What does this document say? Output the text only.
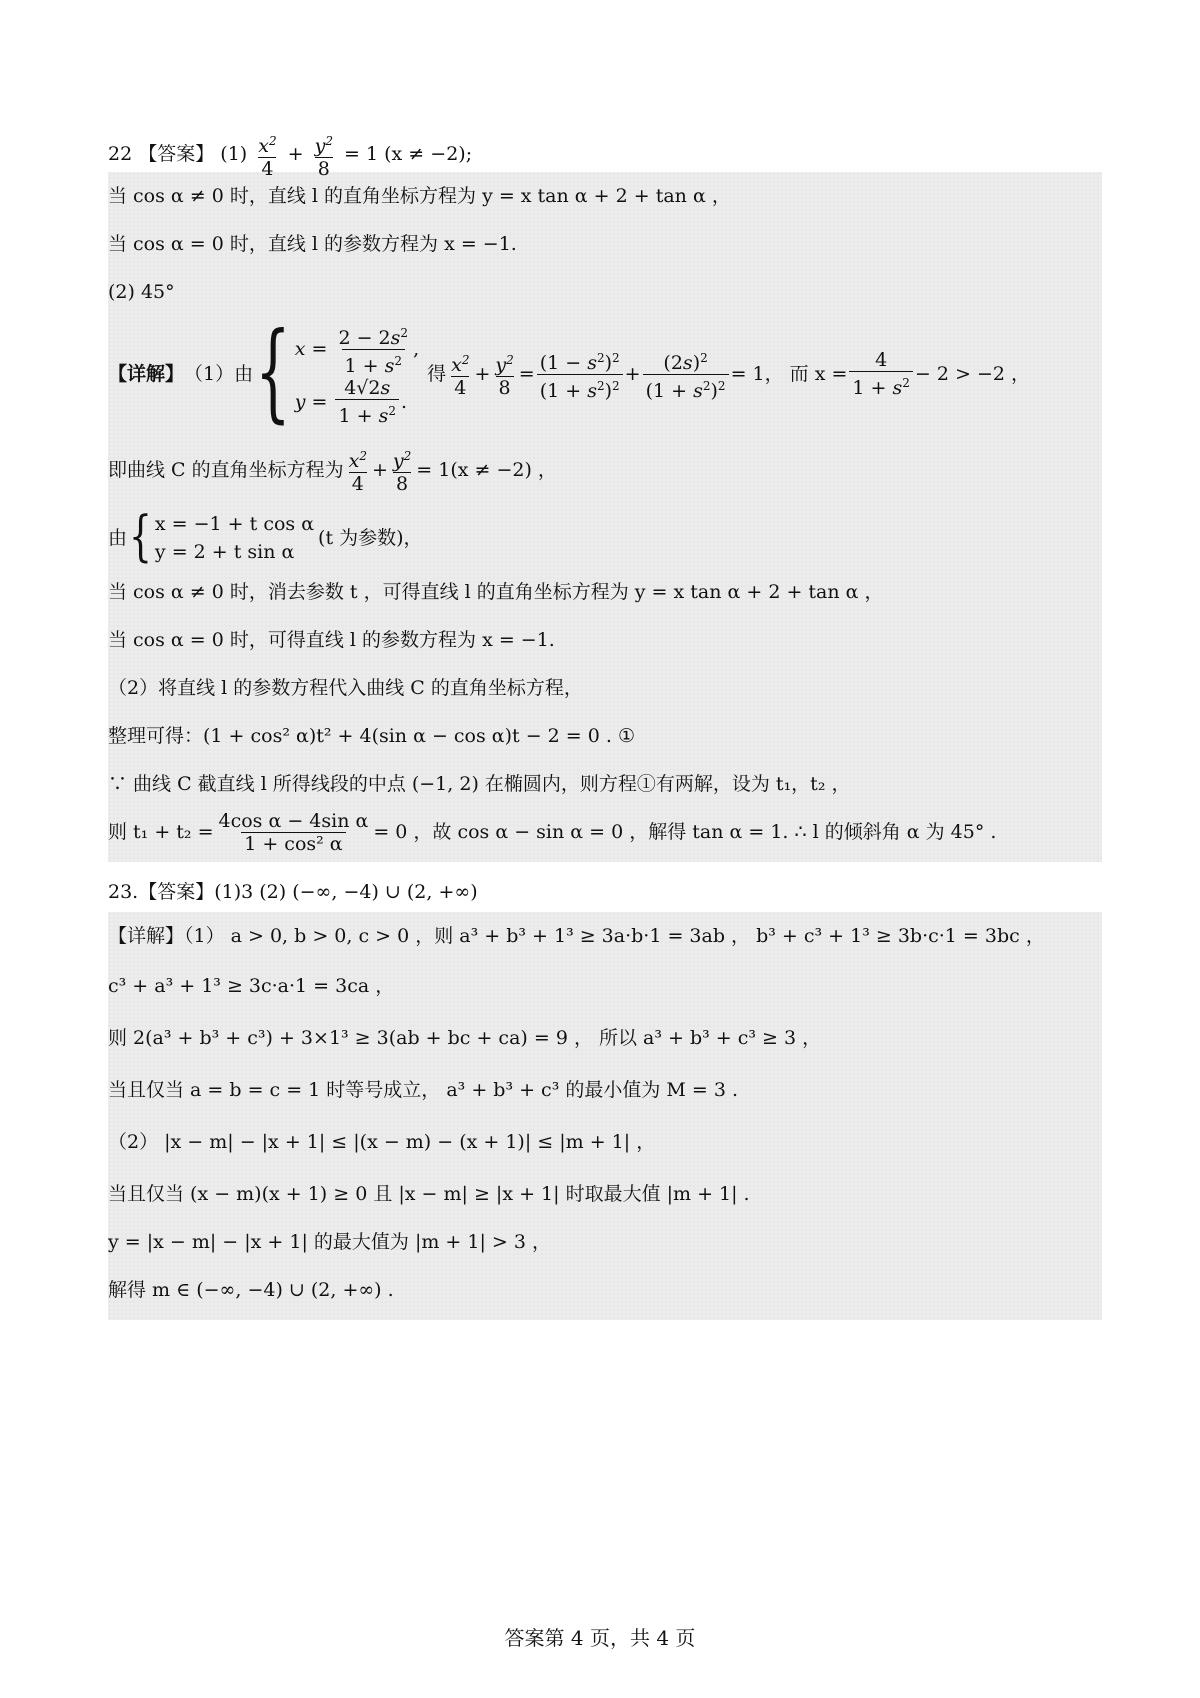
22 【答案】 $(1) \frac{x^2}{4} + \frac{y^2}{8} = 1$ (x ≠ −2);
当 cos α ≠ 0 时，直线 l 的直角坐标方程为 y = x tan α + 2 + tan α ，
当 cos α = 0 时，直线 l 的参数方程为 x = −1.
(2) 45°
【详解】 （1）由 { $x = \frac{2 - 2s^2}{1 + s^2}$ ,
$y = \frac{4√2s}{1 + s^2}$ .
得 $\frac{x^2}{4} + \frac{y^2}{8} = \frac{(1 - s^2)^2}{(1 + s^2)^2} + \frac{(2s)^2}{(1 + s^2)^2} = 1$ ， 而 $x = \frac{4}{1 + s^2} - 2 > -2$ ，
即曲线 C 的直角坐标方程为 $\frac{x^2}{4} + \frac{y^2}{8} = 1(x \ne -2)$ ，
由 { x = −1 + t cos α
y = 2 + t sin α
(t 为参数)，
当 cos α ≠ 0 时，消去参数 t ，可得直线 l 的直角坐标方程为 y = x tan α + 2 + tan α ，
当 cos α = 0 时，可得直线 l 的参数方程为 x = −1.
（2）将直线 l 的参数方程代入曲线 C 的直角坐标方程，
整理可得：(1 + cos² α)t² + 4(sin α − cos α)t − 2 = 0 . ①
∵ 曲线 C 截直线 l 所得线段的中点 (−1, 2) 在椭圆内，则方程①有两解，设为 t₁，t₂ ，
则 $t_1 + t_2 = \frac{\text{4cos α − 4sin α}}{\text{1 + cos² α}} = 0$ ，故 cos α − sin α = 0 ，解得 tan α = 1. ∴ l 的倾斜角 α 为 45° .
23.【答案】(1)3 (2) (−∞, −4) ∪ (2, +∞)
【详解】（1） a > 0, b > 0, c > 0 ，则 a³ + b³ + 1³ ≥ 3a·b·1 = 3ab ， b³ + c³ + 1³ ≥ 3b·c·1 = 3bc ，
c³ + a³ + 1³ ≥ 3c·a·1 = 3ca ，
则 2(a³ + b³ + c³) + 3×1³ ≥ 3(ab + bc + ca) = 9 ， 所以 a³ + b³ + c³ ≥ 3 ，
当且仅当 a = b = c = 1 时等号成立， a³ + b³ + c³ 的最小值为 M = 3 .
（2） |x − m| − |x + 1| ≤ |(x − m) − (x + 1)| ≤ |m + 1| ，
当且仅当 (x − m)(x + 1) ≥ 0 且 |x − m| ≥ |x + 1| 时取最大值 |m + 1| .
y = |x − m| − |x + 1| 的最大值为 |m + 1| > 3 ，
解得 m ∈ (−∞, −4) ∪ (2, +∞) .
答案第 4 页，共 4 页
